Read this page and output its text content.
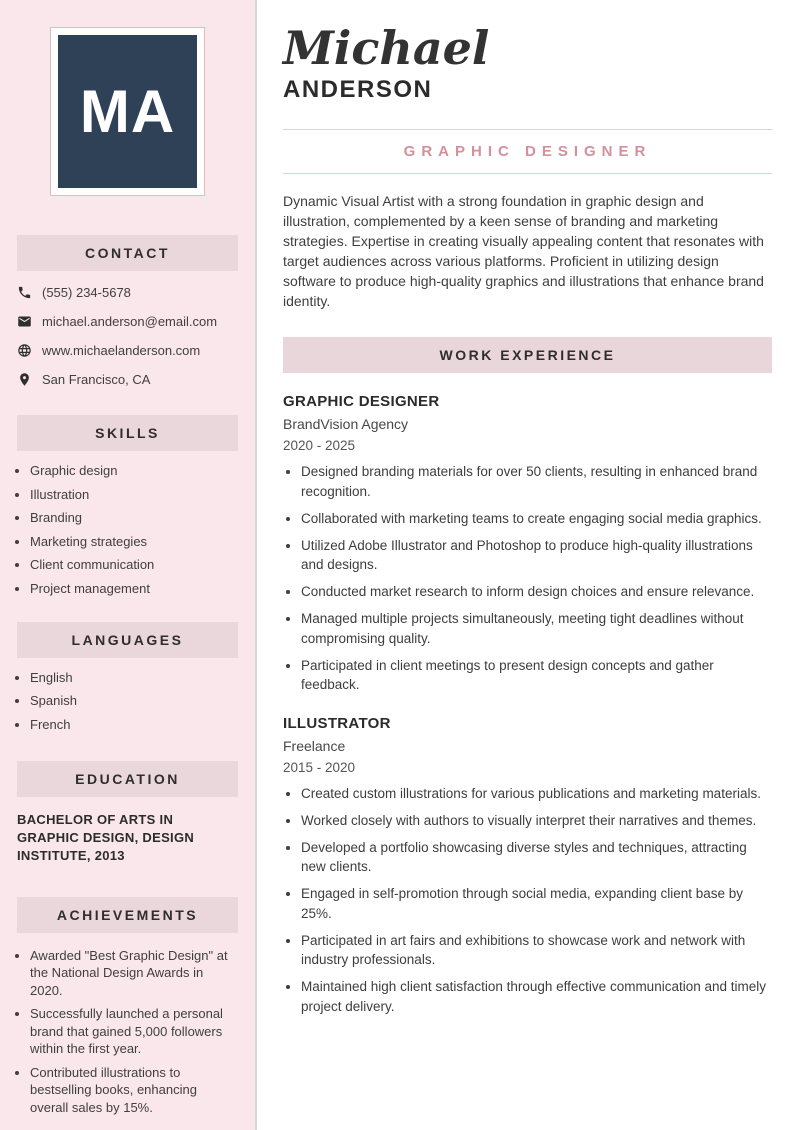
MA
CONTACT
(555) 234-5678
michael.anderson@email.com
www.michaelanderson.com
San Francisco, CA
SKILLS
• Graphic design
• Illustration
• Branding
• Marketing strategies
• Client communication
• Project management
LANGUAGES
• English
• Spanish
• French
EDUCATION
BACHELOR OF ARTS IN GRAPHIC DESIGN, DESIGN INSTITUTE, 2013
ACHIEVEMENTS
• Awarded "Best Graphic Design" at the National Design Awards in 2020.
• Successfully launched a personal brand that gained 5,000 followers within the first year.
• Contributed illustrations to bestselling books, enhancing overall sales by 15%.
Michael
ANDERSON
GRAPHIC DESIGNER

Dynamic Visual Artist with a strong foundation in graphic design and illustration, complemented by a keen sense of branding and marketing strategies. Expertise in creating visually appealing content that resonates with target audiences across various platforms. Proficient in utilizing design software to produce high-quality graphics and illustrations that enhance brand identity.

WORK EXPERIENCE
GRAPHIC DESIGNER
BrandVision Agency
2020 - 2025
• Designed branding materials for over 50 clients, resulting in enhanced brand recognition.
• Collaborated with marketing teams to create engaging social media graphics.
• Utilized Adobe Illustrator and Photoshop to produce high-quality illustrations and designs.
• Conducted market research to inform design choices and ensure relevance.
• Managed multiple projects simultaneously, meeting tight deadlines without compromising quality.
• Participated in client meetings to present design concepts and gather feedback.
ILLUSTRATOR
Freelance
2015 - 2020
• Created custom illustrations for various publications and marketing materials.
• Worked closely with authors to visually interpret their narratives and themes.
• Developed a portfolio showcasing diverse styles and techniques, attracting new clients.
• Engaged in self-promotion through social media, expanding client base by 25%.
• Participated in art fairs and exhibitions to showcase work and network with industry professionals.
• Maintained high client satisfaction through effective communication and timely project delivery.
